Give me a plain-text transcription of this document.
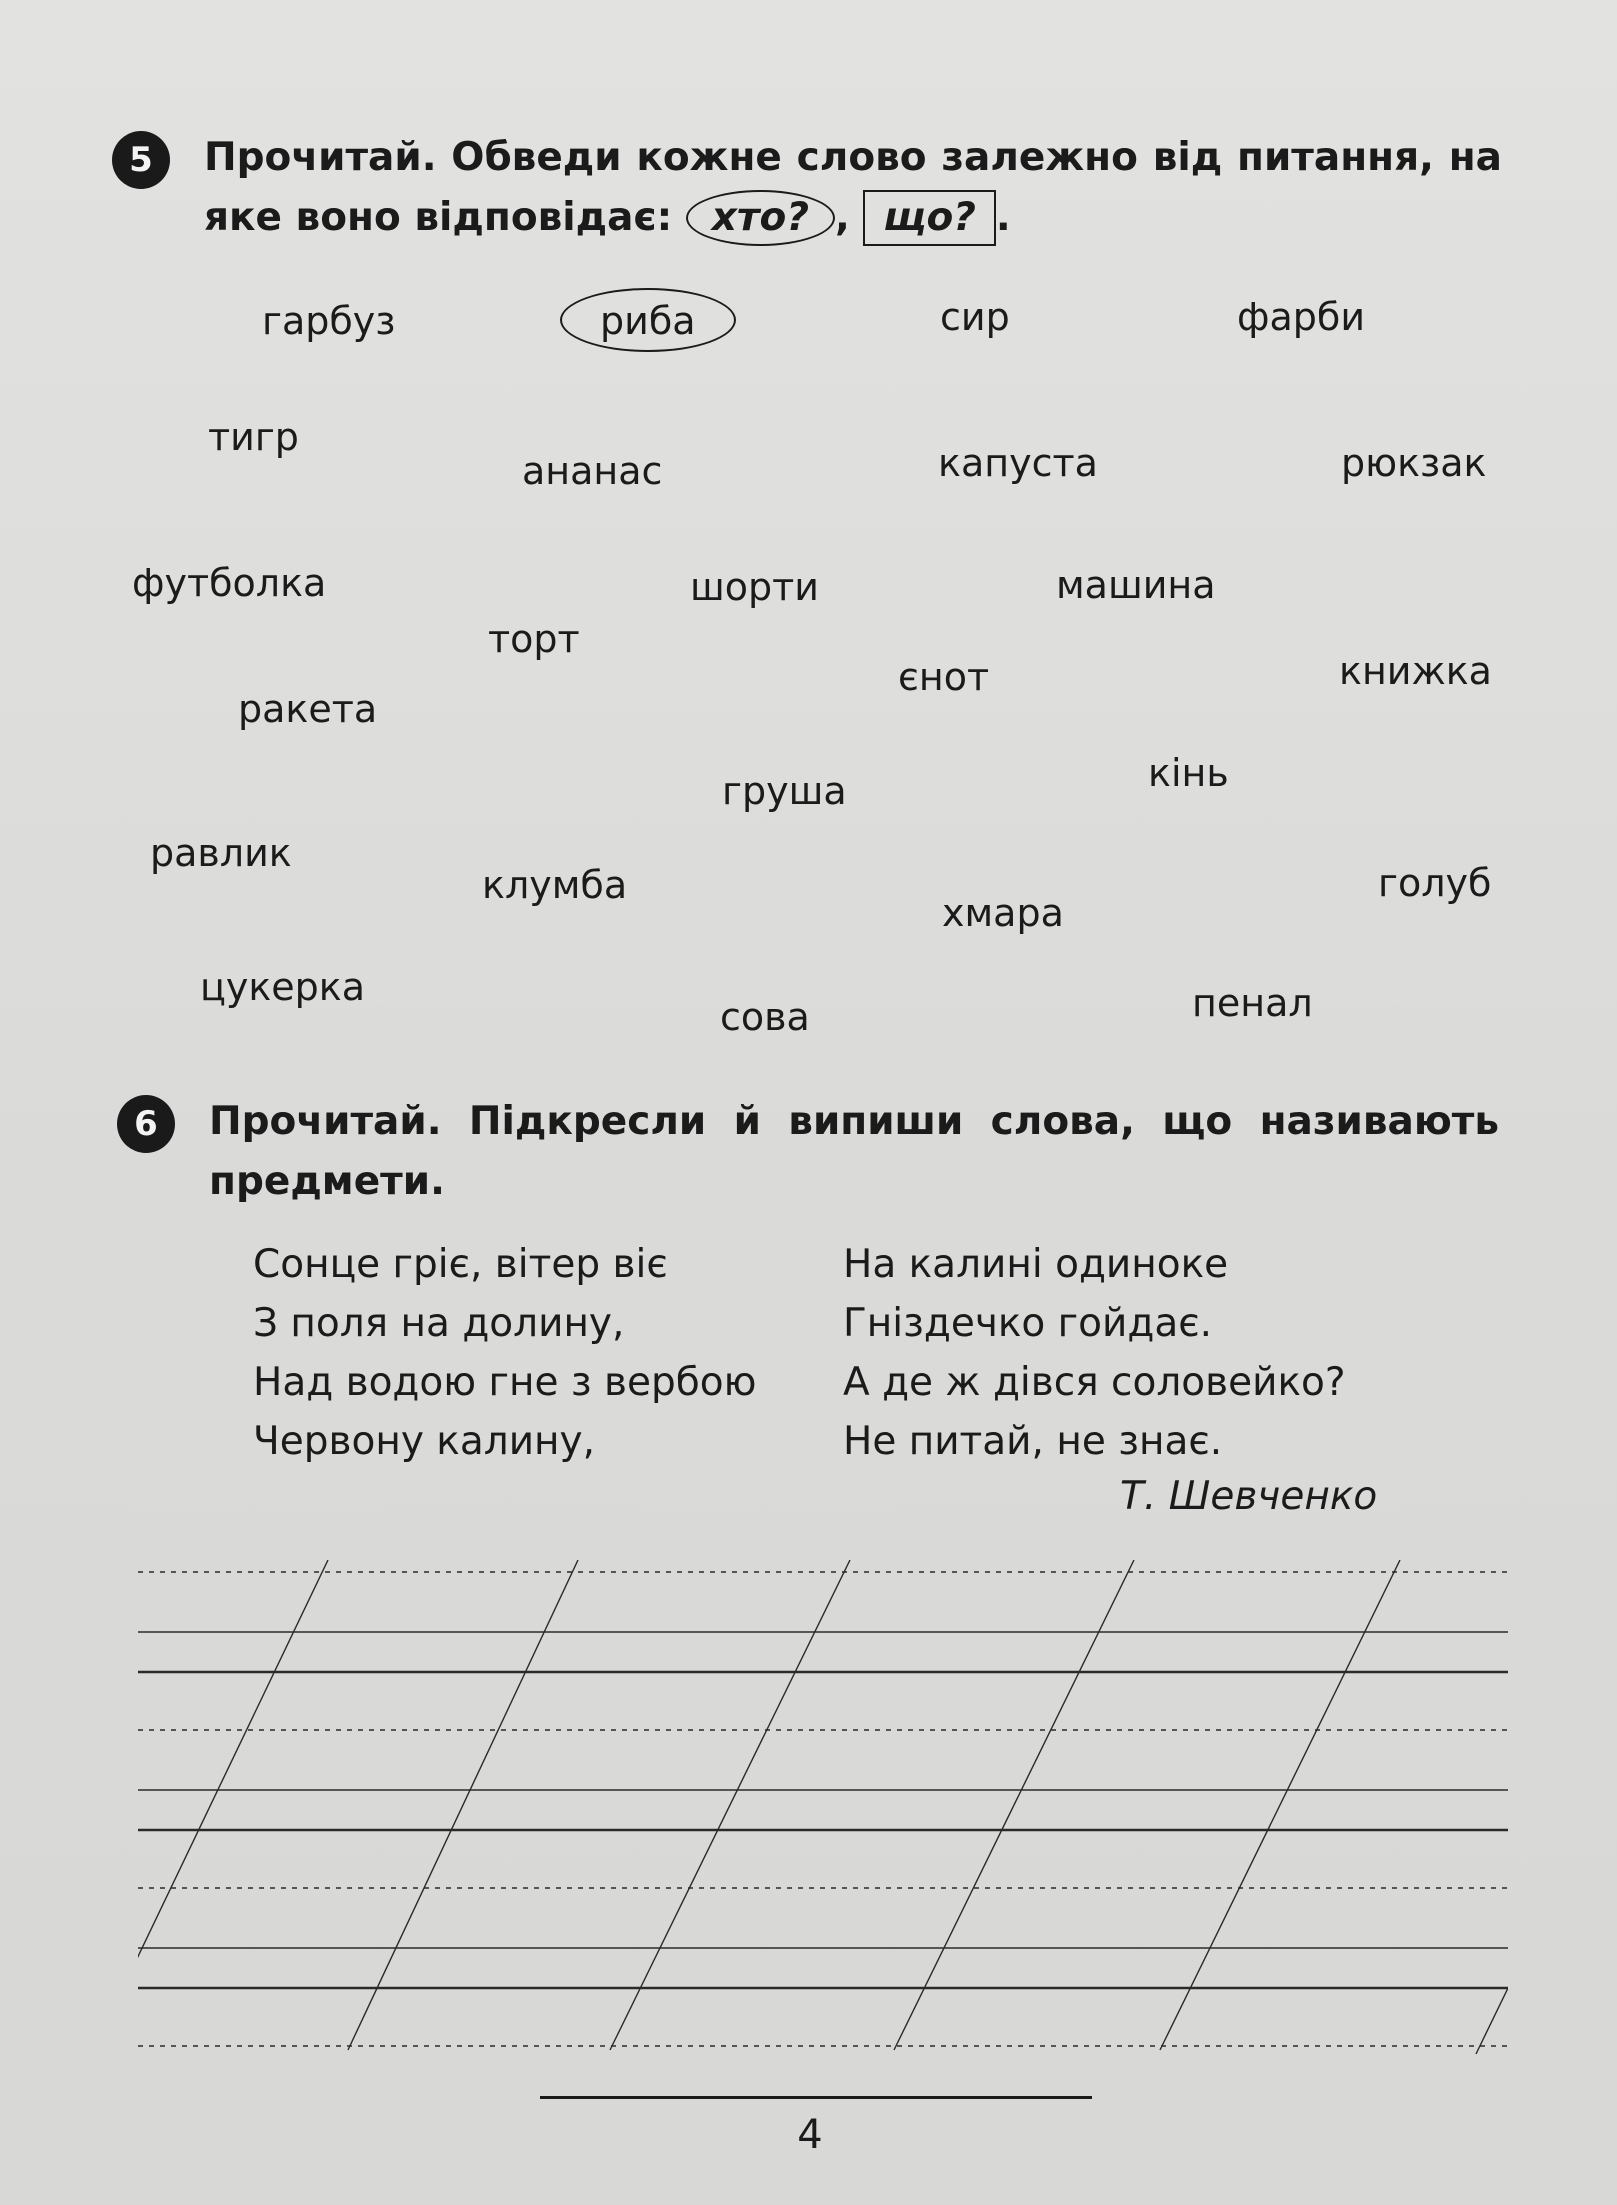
5	Прочитай. Обведи кожне слово залежно від питання, на яке воно відповідає: хто? , що? .
гарбуз	риба	сир	фарби
тигр
ананас	капуста	рюкзак
футболка	шорти	машина
торт
єнот	книжка
ракета
кінь
груша
равлик
клумба	голуб
хмара
цукерка	пенал
сова
6	Прочитай. Підкресли й випиши слова, що називають предмети.
Сонце гріє, вітер віє
З поля на долину,
Над водою гне з вербою
Червону калину,
На калині одиноке
Гніздечко гойдає.
А де ж дівся соловейко?
Не питай, не знає.
Т. Шевченко
4
